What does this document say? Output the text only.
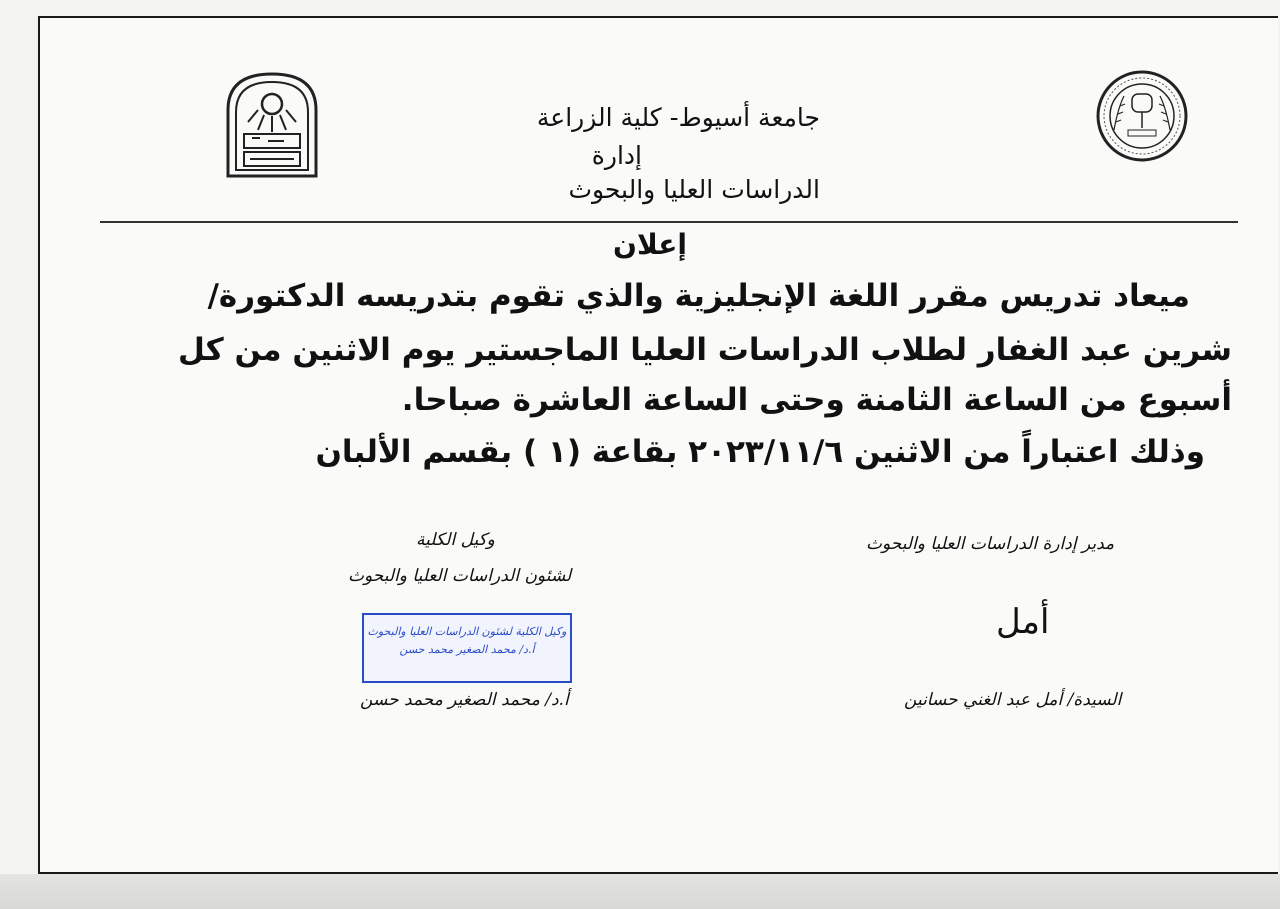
جامعة أسيوط- كلية الزراعة
إدارة
الدراسات العليا والبحوث
إعلان
ميعاد تدريس مقرر اللغة الإنجليزية والذي تقوم بتدريسه الدكتورة/
شرين عبد الغفار لطلاب الدراسات العليا الماجستير يوم الاثنين من كل
أسبوع من الساعة الثامنة وحتى الساعة العاشرة صباحا.
وذلك اعتباراً من الاثنين ٢٠٢٣/١١/٦ بقاعة (١ ) بقسم الألبان
وكيل الكلية
لشئون الدراسات العليا والبحوث
وكيل الكلية لشئون الدراسات العليا والبحوث
أ.د/ محمد الصغير محمد حسن
أ.د/ محمد الصغير محمد حسن
مدير إدارة الدراسات العليا والبحوث
أمل
السيدة/ أمل عبد الغني حسانين
